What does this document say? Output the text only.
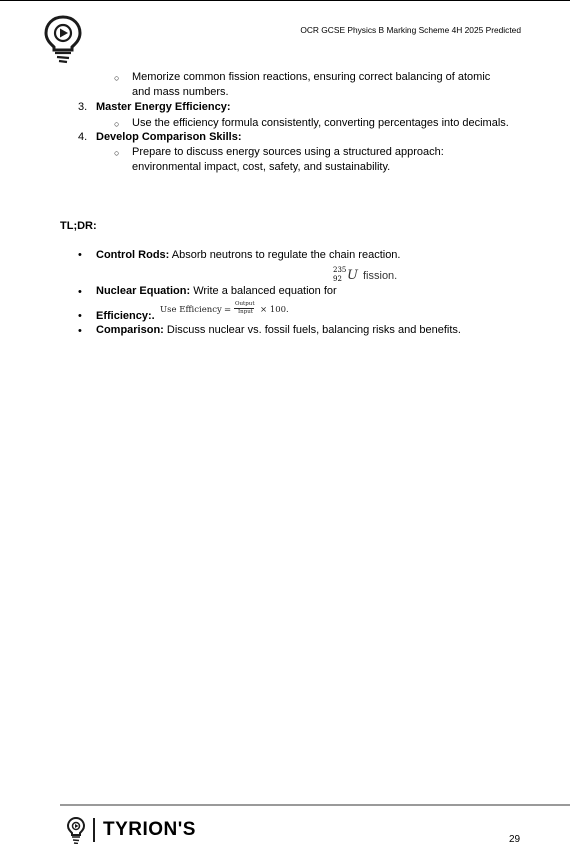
OCR GCSE Physics B Marking Scheme 4H 2025 Predicted
○ Memorize common fission reactions, ensuring correct balancing of atomic
and mass numbers.
3. Master Energy Efficiency:
○ Use the efficiency formula consistently, converting percentages into decimals.
4. Develop Comparison Skills:
○ Prepare to discuss energy sources using a structured approach:
environmental impact, cost, safety, and sustainability.
TL;DR:
• Control Rods: Absorb neutrons to regulate the chain reaction.
235
92 U fission.
• Nuclear Equation: Write a balanced equation for
• Efficiency:. Use Efficiency =
Output
Input × 100.
• Comparison: Discuss nuclear vs. fossil fuels, balancing risks and benefits.
TYRION'S	29
